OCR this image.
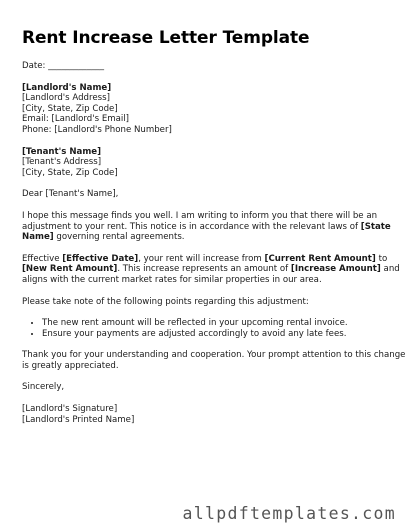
Rent Increase Letter Template
Date: _____________
[Landlord's Name]
[Landlord's Address]
[City, State, Zip Code]
Email: [Landlord's Email]
Phone: [Landlord's Phone Number]
[Tenant's Name]
[Tenant's Address]
[City, State, Zip Code]
Dear [Tenant's Name],
I hope this message finds you well. I am writing to inform you that there will be an
adjustment to your rent. This notice is in accordance with the relevant laws of [State
Name] governing rental agreements.
Effective [Effective Date], your rent will increase from [Current Rent Amount] to
[New Rent Amount]. This increase represents an amount of [Increase Amount] and
aligns with the current market rates for similar properties in our area.
Please take note of the following points regarding this adjustment:
• The new rent amount will be reflected in your upcoming rental invoice.
• Ensure your payments are adjusted accordingly to avoid any late fees.
Thank you for your understanding and cooperation. Your prompt attention to this change
is greatly appreciated.
Sincerely,
[Landlord's Signature]
[Landlord's Printed Name]
allpdftemplates.com
